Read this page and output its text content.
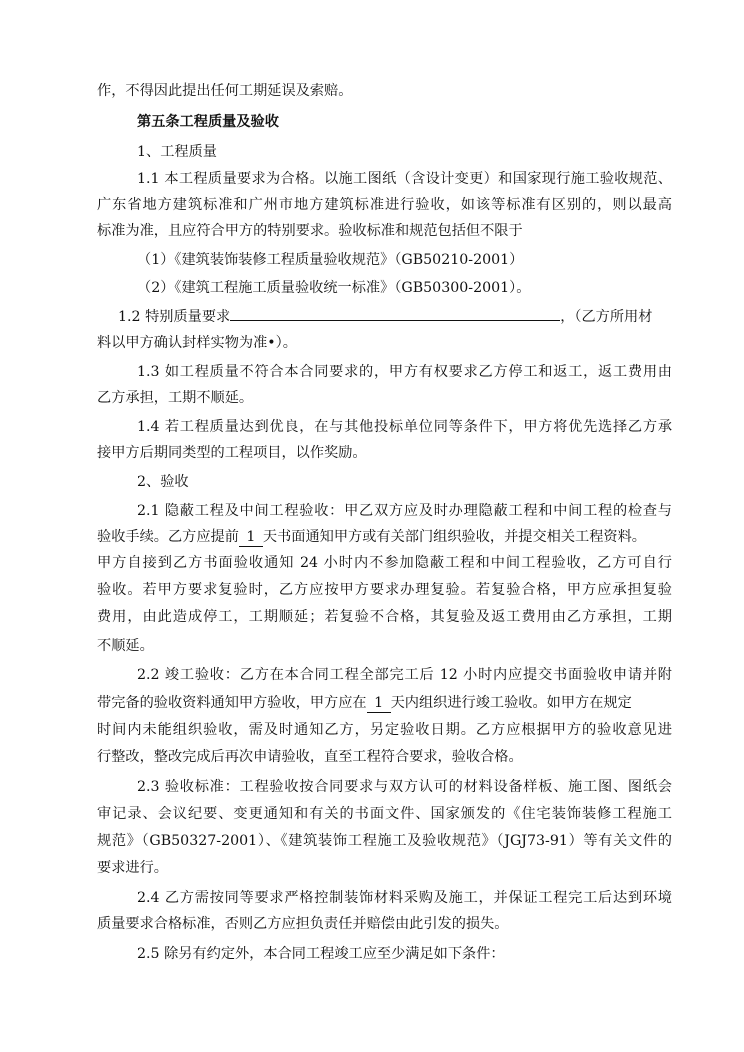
作，不得因此提出任何工期延误及索赔。
第五条工程质量及验收
1、工程质量
1.1 本工程质量要求为合格。以施工图纸（含设计变更）和国家现行施工验收规范、
广东省地方建筑标准和广州市地方建筑标准进行验收，如该等标准有区别的，则以最高
标准为准，且应符合甲方的特别要求。验收标准和规范包括但不限于
（1）《建筑装饰装修工程质量验收规范》（GB50210-2001）
（2）《建筑工程施工质量验收统一标准》（GB50300-2001）。
1.2 特别质量要求	，（乙方所用材
料以甲方确认封样实物为准•）。
1.3 如工程质量不符合本合同要求的，甲方有权要求乙方停工和返工，返工费用由
乙方承担，工期不顺延。
1.4 若工程质量达到优良，在与其他投标单位同等条件下，甲方将优先选择乙方承
接甲方后期同类型的工程项目，以作奖励。
2、验收
2.1 隐蔽工程及中间工程验收：甲乙双方应及时办理隐蔽工程和中间工程的检查与
验收手续。乙方应提前 1 天书面通知甲方或有关部门组织验收，并提交相关工程资料。
甲方自接到乙方书面验收通知 24 小时内不参加隐蔽工程和中间工程验收，乙方可自行
验收。若甲方要求复验时，乙方应按甲方要求办理复验。若复验合格，甲方应承担复验
费用，由此造成停工，工期顺延；若复验不合格，其复验及返工费用由乙方承担，工期
不顺延。
2.2 竣工验收：乙方在本合同工程全部完工后 12 小时内应提交书面验收申请并附
带完备的验收资料通知甲方验收，甲方应在 1 天内组织进行竣工验收。如甲方在规定
时间内未能组织验收，需及时通知乙方，另定验收日期。乙方应根据甲方的验收意见进
行整改，整改完成后再次申请验收，直至工程符合要求，验收合格。
2.3 验收标准：工程验收按合同要求与双方认可的材料设备样板、施工图、图纸会
审记录、会议纪要、变更通知和有关的书面文件、国家颁发的《住宅装饰装修工程施工
规范》（GB50327-2001）、《建筑装饰工程施工及验收规范》（JGJ73-91）等有关文件的
要求进行。
2.4 乙方需按同等要求严格控制装饰材料采购及施工，并保证工程完工后达到环境
质量要求合格标准，否则乙方应担负责任并赔偿由此引发的损失。
2.5 除另有约定外，本合同工程竣工应至少满足如下条件：
